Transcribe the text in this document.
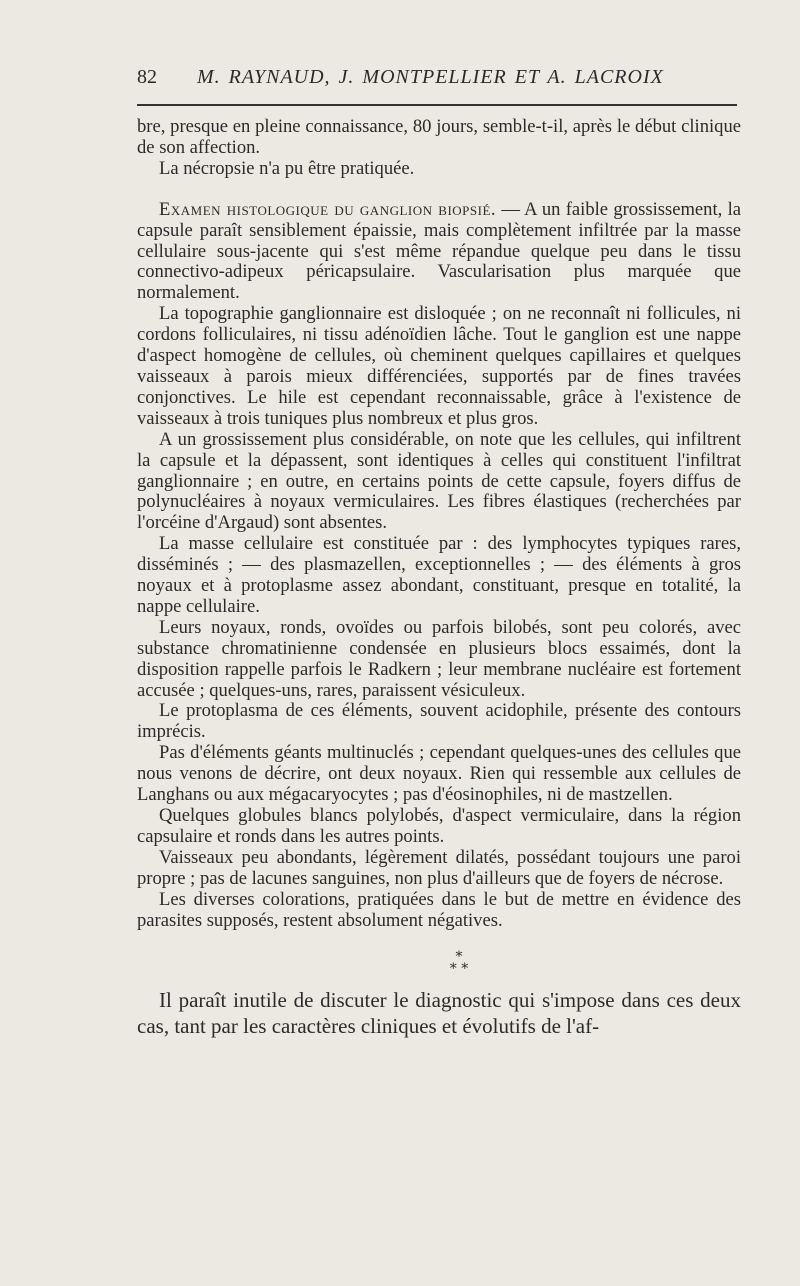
82	M. RAYNAUD, J. MONTPELLIER ET A. LACROIX

bre, presque en pleine connaissance, 80 jours, semble-t-il, après le début clinique de son affection.

La nécropsie n'a pu être pratiquée.

Examen histologique du ganglion biopsié. — A un faible grossissement, la capsule paraît sensiblement épaissie, mais complètement infiltrée par la masse cellulaire sous-jacente qui s'est même répandue quelque peu dans le tissu connectivo-adipeux péricapsulaire. Vascularisation plus marquée que normalement.

La topographie ganglionnaire est disloquée ; on ne reconnaît ni follicules, ni cordons folliculaires, ni tissu adénoïdien lâche. Tout le ganglion est une nappe d'aspect homogène de cellules, où cheminent quelques capillaires et quelques vaisseaux à parois mieux différenciées, supportés par de fines travées conjonctives. Le hile est cependant reconnaissable, grâce à l'existence de vaisseaux à trois tuniques plus nombreux et plus gros.

A un grossissement plus considérable, on note que les cellules, qui infiltrent la capsule et la dépassent, sont identiques à celles qui constituent l'infiltrat ganglionnaire ; en outre, en certains points de cette capsule, foyers diffus de polynucléaires à noyaux vermiculaires. Les fibres élastiques (recherchées par l'orcéine d'Argaud) sont absentes.

La masse cellulaire est constituée par : des lymphocytes typiques rares, disséminés ; — des plasmazellen, exceptionnelles ; — des éléments à gros noyaux et à protoplasme assez abondant, constituant, presque en totalité, la nappe cellulaire.

Leurs noyaux, ronds, ovoïdes ou parfois bilobés, sont peu colorés, avec substance chromatinienne condensée en plusieurs blocs essaimés, dont la disposition rappelle parfois le Radkern ; leur membrane nucléaire est fortement accusée ; quelques-uns, rares, paraissent vésiculeux.

Le protoplasma de ces éléments, souvent acidophile, présente des contours imprécis.

Pas d'éléments géants multinuclés ; cependant quelques-unes des cellules que nous venons de décrire, ont deux noyaux. Rien qui ressemble aux cellules de Langhans ou aux mégacaryocytes ; pas d'éosinophiles, ni de mastzellen.

Quelques globules blancs polylobés, d'aspect vermiculaire, dans la région capsulaire et ronds dans les autres points.

Vaisseaux peu abondants, légèrement dilatés, possédant toujours une paroi propre ; pas de lacunes sanguines, non plus d'ailleurs que de foyers de nécrose.

Les diverses colorations, pratiquées dans le but de mettre en évidence des parasites supposés, restent absolument négatives.

*
* *

Il paraît inutile de discuter le diagnostic qui s'impose dans ces deux cas, tant par les caractères cliniques et évolutifs de l'af-
